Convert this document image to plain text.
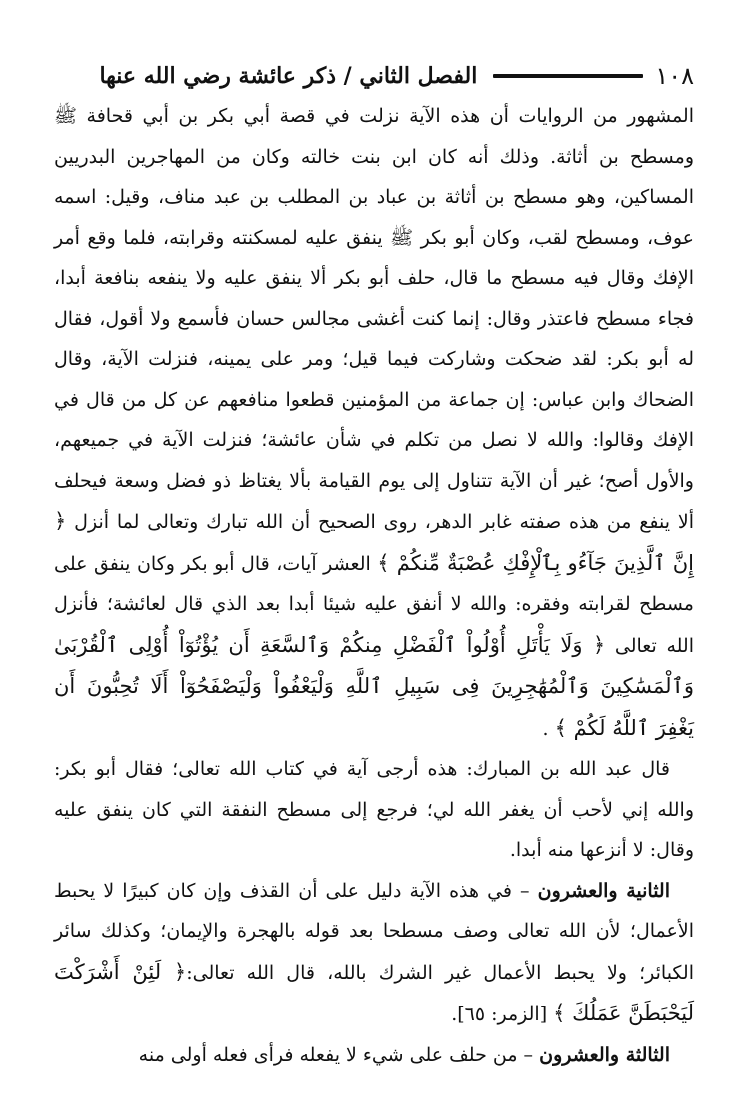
١٠٨
الفصل الثاني / ذكر عائشة رضي الله عنها

المشهور من الروايات أن هذه الآية نزلت في قصة أبي بكر بن أبي قحافة ﷺ ومسطح بن أثاثة. وذلك أنه كان ابن بنت خالته وكان من المهاجرين البدريين المساكين، وهو مسطح بن أثاثة بن عباد بن المطلب بن عبد مناف، وقيل: اسمه عوف، ومسطح لقب، وكان أبو بكر ﷺ ينفق عليه لمسكنته وقرابته، فلما وقع أمر الإفك وقال فيه مسطح ما قال، حلف أبو بكر ألا ينفق عليه ولا ينفعه بنافعة أبدا، فجاء مسطح فاعتذر وقال: إنما كنت أغشى مجالس حسان فأسمع ولا أقول، فقال له أبو بكر: لقد ضحكت وشاركت فيما قيل؛ ومر على يمينه، فنزلت الآية، وقال الضحاك وابن عباس: إن جماعة من المؤمنين قطعوا منافعهم عن كل من قال في الإفك وقالوا: والله لا نصل من تكلم في شأن عائشة؛ فنزلت الآية في جميعهم، والأول أصح؛ غير أن الآية تتناول إلى يوم القيامة بألا يغتاظ ذو فضل وسعة فيحلف ألا ينفع من هذه صفته غابر الدهر، روى الصحيح أن الله تبارك وتعالى لما أنزل ﴿ إِنَّ ٱلَّذِينَ جَآءُو بِٱلْإِفْكِ عُصْبَةٌ مِّنكُمْ ﴾ العشر آيات، قال أبو بكر وكان ينفق على مسطح لقرابته وفقره: والله لا أنفق عليه شيئا أبدا بعد الذي قال لعائشة؛ فأنزل الله تعالى ﴿ وَلَا يَأْتَلِ أُوْلُواْ ٱلْفَضْلِ مِنكُمْ وَٱلسَّعَةِ أَن يُؤْتُوٓاْ أُوْلِى ٱلْقُرْبَىٰ وَٱلْمَسَٰكِينَ وَٱلْمُهَٰجِرِينَ فِى سَبِيلِ ٱللَّهِ وَلْيَعْفُواْ وَلْيَصْفَحُوٓاْ أَلَا تُحِبُّونَ أَن يَغْفِرَ ٱللَّهُ لَكُمْ ﴾ .

قال عبد الله بن المبارك: هذه أرجى آية في كتاب الله تعالى؛ فقال أبو بكر: والله إني لأحب أن يغفر الله لي؛ فرجع إلى مسطح النفقة التي كان ينفق عليه وقال: لا أنزعها منه أبدا.

الثانية والعشرون – في هذه الآية دليل على أن القذف وإن كان كبيرًا لا يحبط الأعمال؛ لأن الله تعالى وصف مسطحا بعد قوله بالهجرة والإيمان؛ وكذلك سائر الكبائر؛ ولا يحبط الأعمال غير الشرك بالله، قال الله تعالى:﴿ لَئِنْ أَشْرَكْتَ لَيَحْبَطَنَّ عَمَلُكَ ﴾ [الزمر: ٦٥].

الثالثة والعشرون – من حلف على شيء لا يفعله فرأى فعله أولى منه
